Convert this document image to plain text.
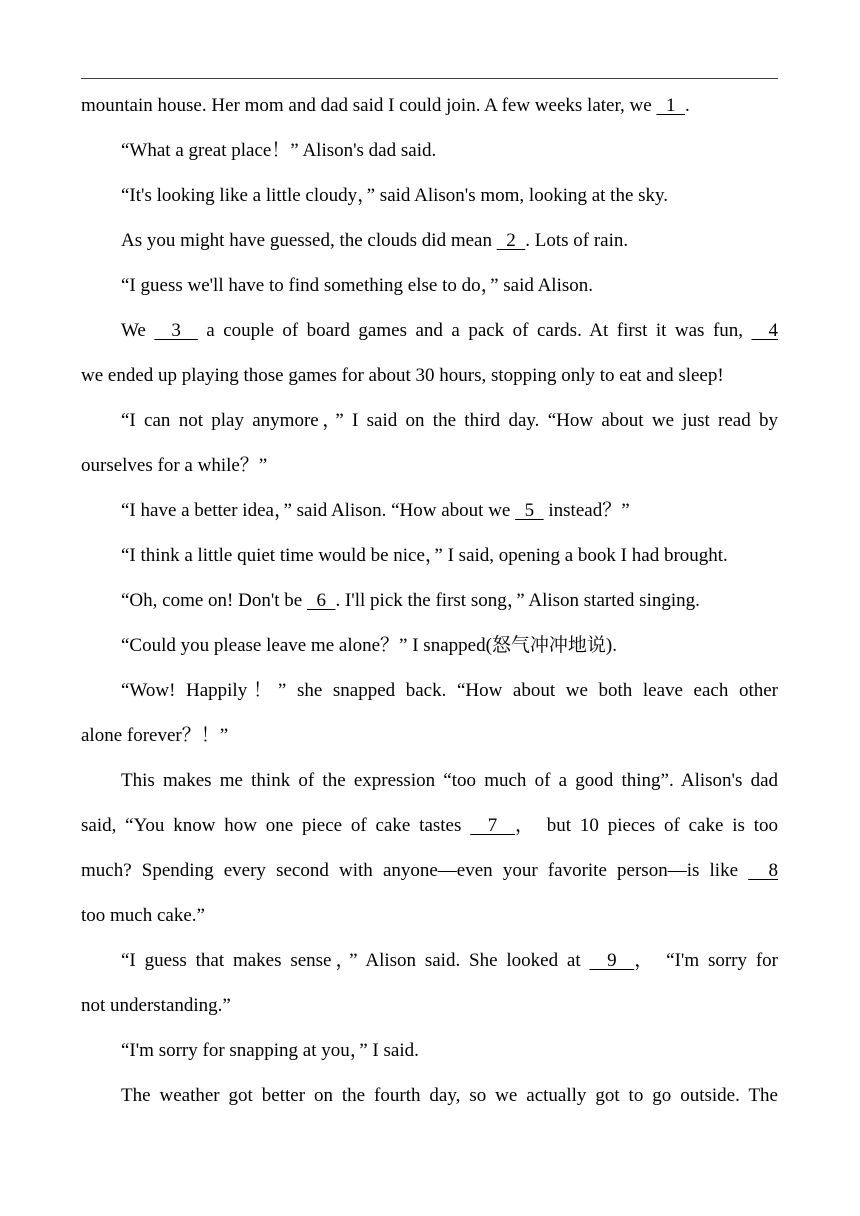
mountain house. Her mom and dad said I could join. A few weeks later, we   1  .
“What a great place！” Alison's dad said.
“It's looking like a little cloudy，” said Alison's mom, looking at the sky.
As you might have guessed, the clouds did mean   2  . Lots of rain.
“I guess we'll have to find something else to do，” said Alison.
We   3   a couple of board games and a pack of cards. At first it was fun,   4
we ended up playing those games for about 30 hours, stopping only to eat and sleep!
“I can not play anymore，” I said on the third day. “How about we just read by
ourselves for a while？”
“I have a better idea，” said Alison. “How about we   5   instead？”
“I think a little quiet time would be nice，” I said, opening a book I had brought.
“Oh, come on! Don't be   6  . I'll pick the first song，” Alison started singing.
“Could you please leave me alone？” I snapped(怒气冲冲地说).
“Wow! Happily！” she snapped back. “How about we both leave each other
alone forever？！”
This makes me think of the expression “too much of a good thing”. Alison's dad
said, “You know how one piece of cake tastes   7  ， but 10 pieces of cake is too
much? Spending every second with anyone—even your favorite person—is like   8
too much cake.”
“I guess that makes sense，” Alison said. She looked at   9  ， “I'm sorry for
not understanding.”
“I'm sorry for snapping at you，” I said.
The weather got better on the fourth day, so we actually got to go outside. The
